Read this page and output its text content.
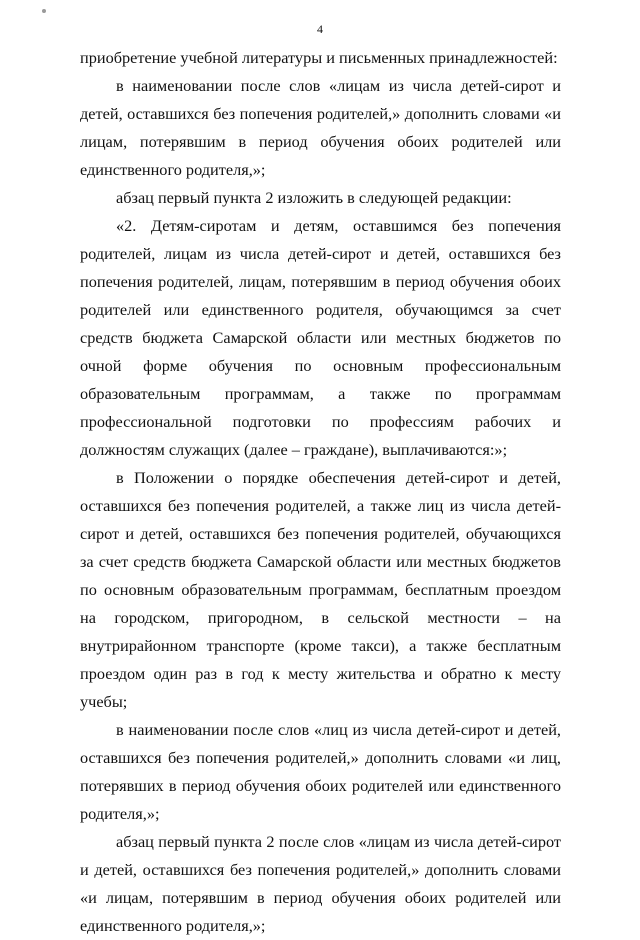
4

приобретение учебной литературы и письменных принадлежностей:

в наименовании после слов «лицам из числа детей-сирот и детей, оставшихся без попечения родителей,» дополнить словами «и лицам, потерявшим в период обучения обоих родителей или единственного родителя,»;

абзац первый пункта 2 изложить в следующей редакции:

«2. Детям-сиротам и детям, оставшимся без попечения родителей, лицам из числа детей-сирот и детей, оставшихся без попечения родителей, лицам, потерявшим в период обучения обоих родителей или единственного родителя, обучающимся за счет средств бюджета Самарской области или местных бюджетов по очной форме обучения по основным профессиональным образовательным программам, а также по программам профессиональной подготовки по профессиям рабочих и должностям служащих (далее – граждане), выплачиваются:»;

в Положении о порядке обеспечения детей-сирот и детей, оставшихся без попечения родителей, а также лиц из числа детей-сирот и детей, оставшихся без попечения родителей, обучающихся за счет средств бюджета Самарской области или местных бюджетов по основным образовательным программам, бесплатным проездом на городском, пригородном, в сельской местности – на внутрирайонном транспорте (кроме такси), а также бесплатным проездом один раз в год к месту жительства и обратно к месту учебы;

в наименовании после слов «лиц из числа детей-сирот и детей, оставшихся без попечения родителей,» дополнить словами «и лиц, потерявших в период обучения обоих родителей или единственного родителя,»;

абзац первый пункта 2 после слов «лицам из числа детей-сирот и детей, оставшихся без попечения родителей,» дополнить словами «и лицам, потерявшим в период обучения обоих родителей или единственного родителя,»;
